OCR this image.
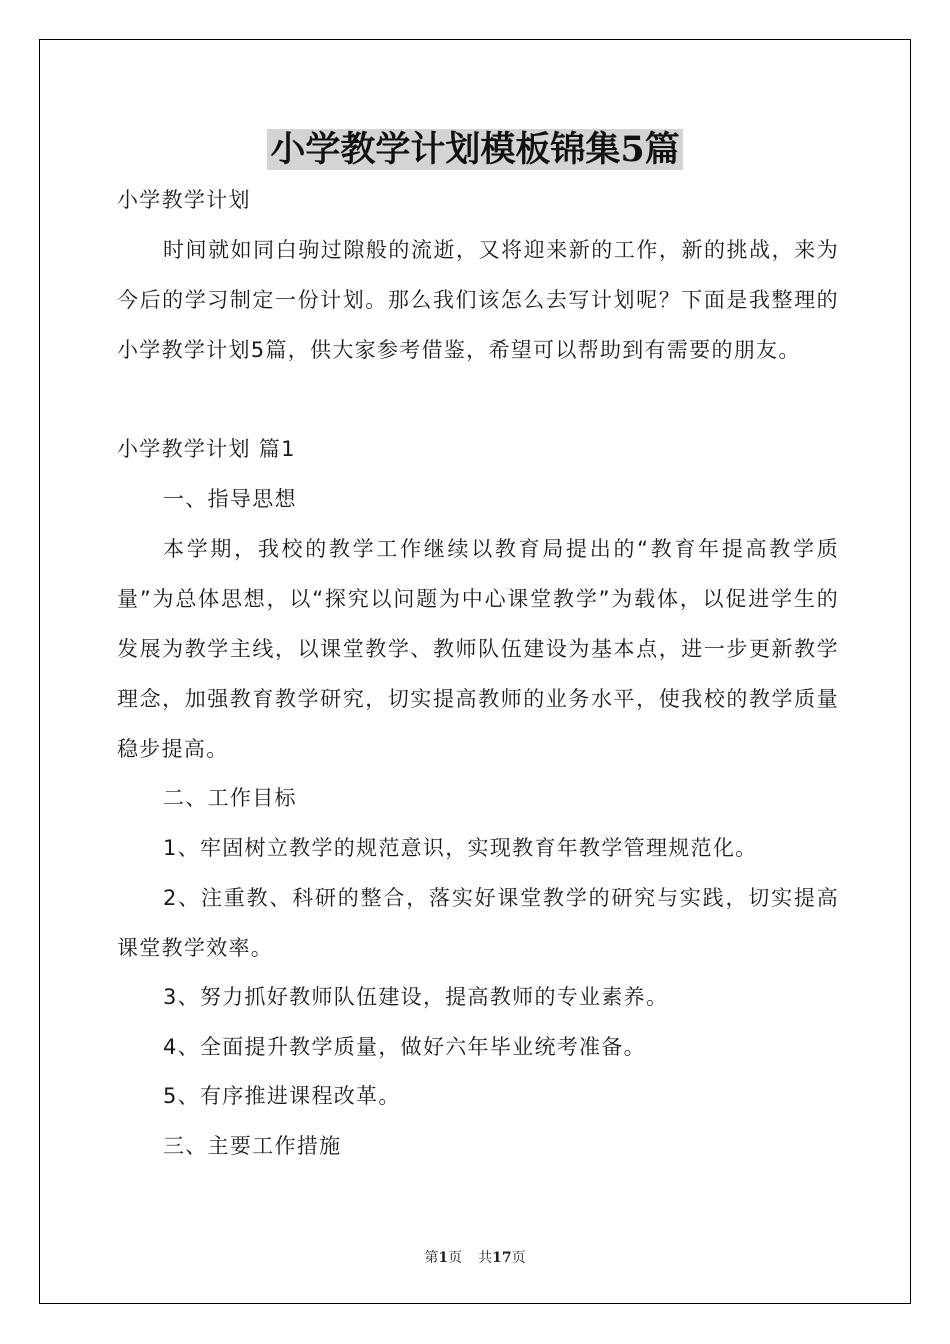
小学教学计划模板锦集5篇

小学教学计划

时间就如同白驹过隙般的流逝，又将迎来新的工作，新的挑战，来为今后的学习制定一份计划。那么我们该怎么去写计划呢？下面是我整理的小学教学计划5篇，供大家参考借鉴，希望可以帮助到有需要的朋友。

小学教学计划 篇1

一、指导思想

本学期，我校的教学工作继续以教育局提出的“教育年提高教学质量”为总体思想，以“探究以问题为中心课堂教学”为载体，以促进学生的发展为教学主线，以课堂教学、教师队伍建设为基本点，进一步更新教学理念，加强教育教学研究，切实提高教师的业务水平，使我校的教学质量稳步提高。

二、工作目标

1、牢固树立教学的规范意识，实现教育年教学管理规范化。

2、注重教、科研的整合，落实好课堂教学的研究与实践，切实提高课堂教学效率。

3、努力抓好教师队伍建设，提高教师的专业素养。

4、全面提升教学质量，做好六年毕业统考准备。

5、有序推进课程改革。

三、主要工作措施

第1页 共17页
